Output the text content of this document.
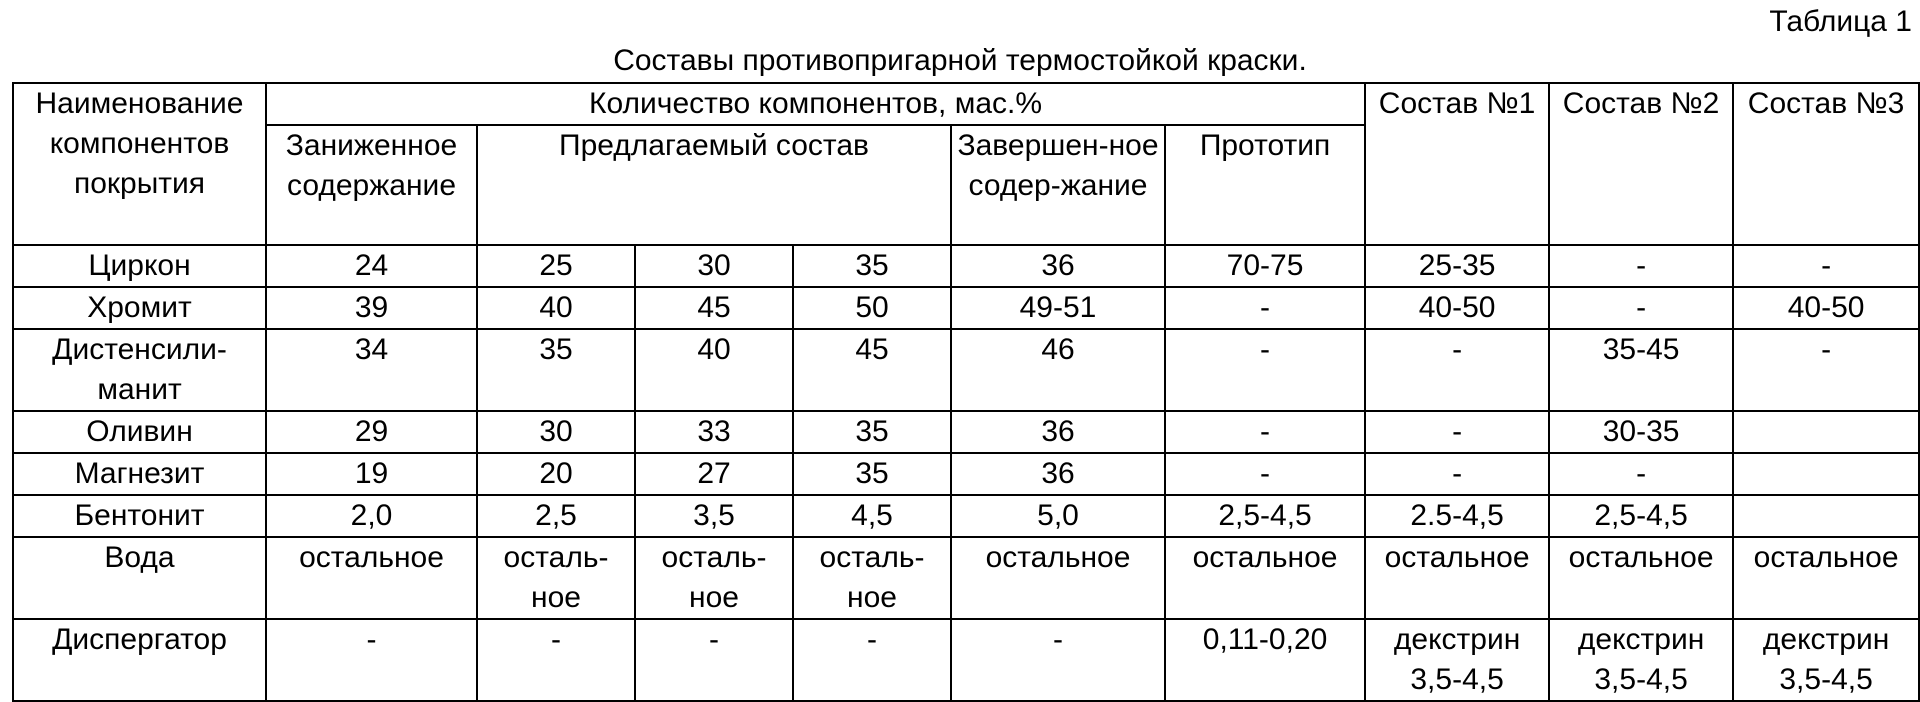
Таблица 1
Составы противопригарной термостойкой краски.
Наименование компонентов покрытия	Количество компонентов, мас.%						Состав №1	Состав №2	Состав №3
	Заниженное содержание	Предлагаемый состав			Завершен-ное содер-жание	Прототип			
Циркон	24	25	30	35	36	70-75	25-35	-	-
Хромит	39	40	45	50	49-51	-	40-50	-	40-50
Дистенсили-манит	34	35	40	45	46	-	-	35-45	-
Оливин	29	30	33	35	36	-	-	30-35	
Магнезит	19	20	27	35	36	-	-	-	
Бентонит	2,0	2,5	3,5	4,5	5,0	2,5-4,5	2.5-4,5	2,5-4,5	
Вода	остальное	осталь-ное	осталь-ное	осталь-ное	остальное	остальное	остальное	остальное	остальное
Диспергатор	-	-	-	-	-	0,11-0,20	декстрин 3,5-4,5	декстрин 3,5-4,5	декстрин 3,5-4,5
